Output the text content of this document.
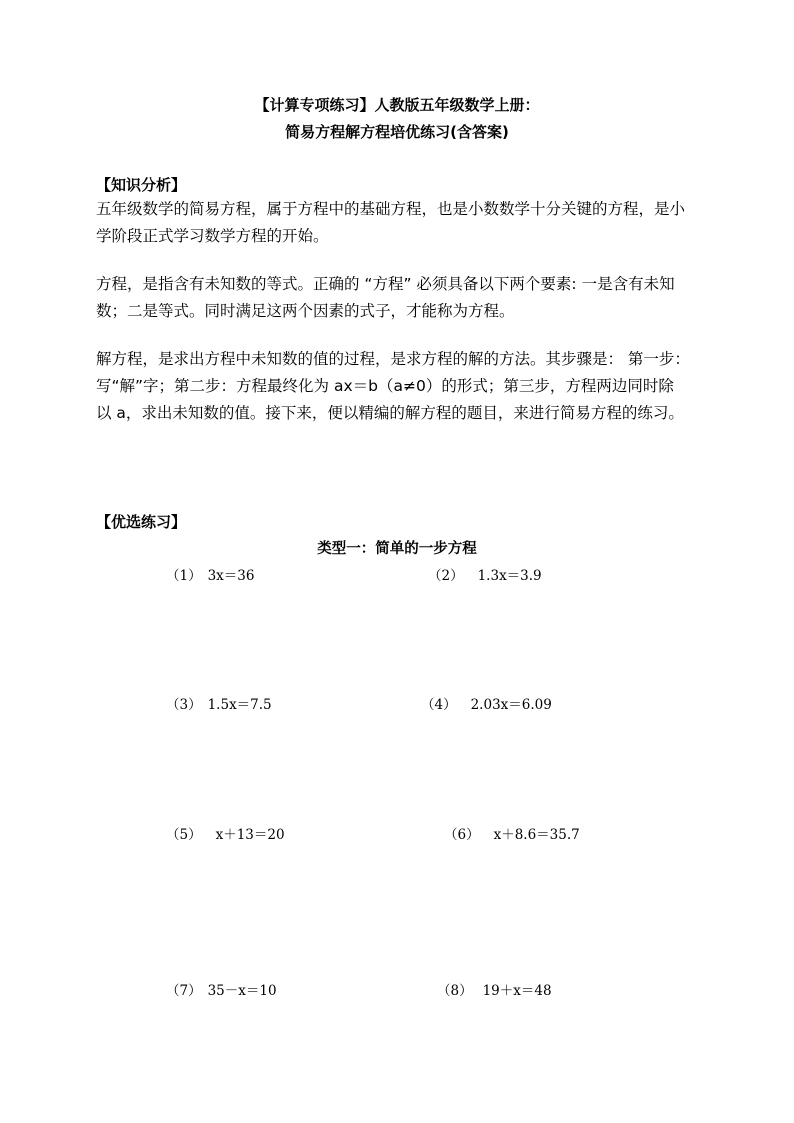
【计算专项练习】人教版五年级数学上册：
简易方程解方程培优练习(含答案)
【知识分析】
五年级数学的简易方程，属于方程中的基础方程，也是小数数学十分关键的方程，是小
学阶段正式学习数学方程的开始。
方程，是指含有未知数的等式。正确的 “方程” 必须具备以下两个要素: 一是含有未知
数；二是等式。同时满足这两个因素的式子，才能称为方程。
解方程，是求出方程中未知数的值的过程，是求方程的解的方法。其步骤是： 第一步：
写“解”字；第二步：方程最终化为 ax＝b（a≠0）的形式；第三步，方程两边同时除
以 a，求出未知数的值。接下来，便以精编的解方程的题目，来进行简易方程的练习。
【优选练习】
类型一：简单的一步方程
（1） 3x＝36	（2） 1.3x＝3.9
（3） 1.5x＝7.5	（4） 2.03x＝6.09
（5） x＋13＝20	（6） x＋8.6＝35.7
（7） 35－x＝10	（8） 19＋x＝48
